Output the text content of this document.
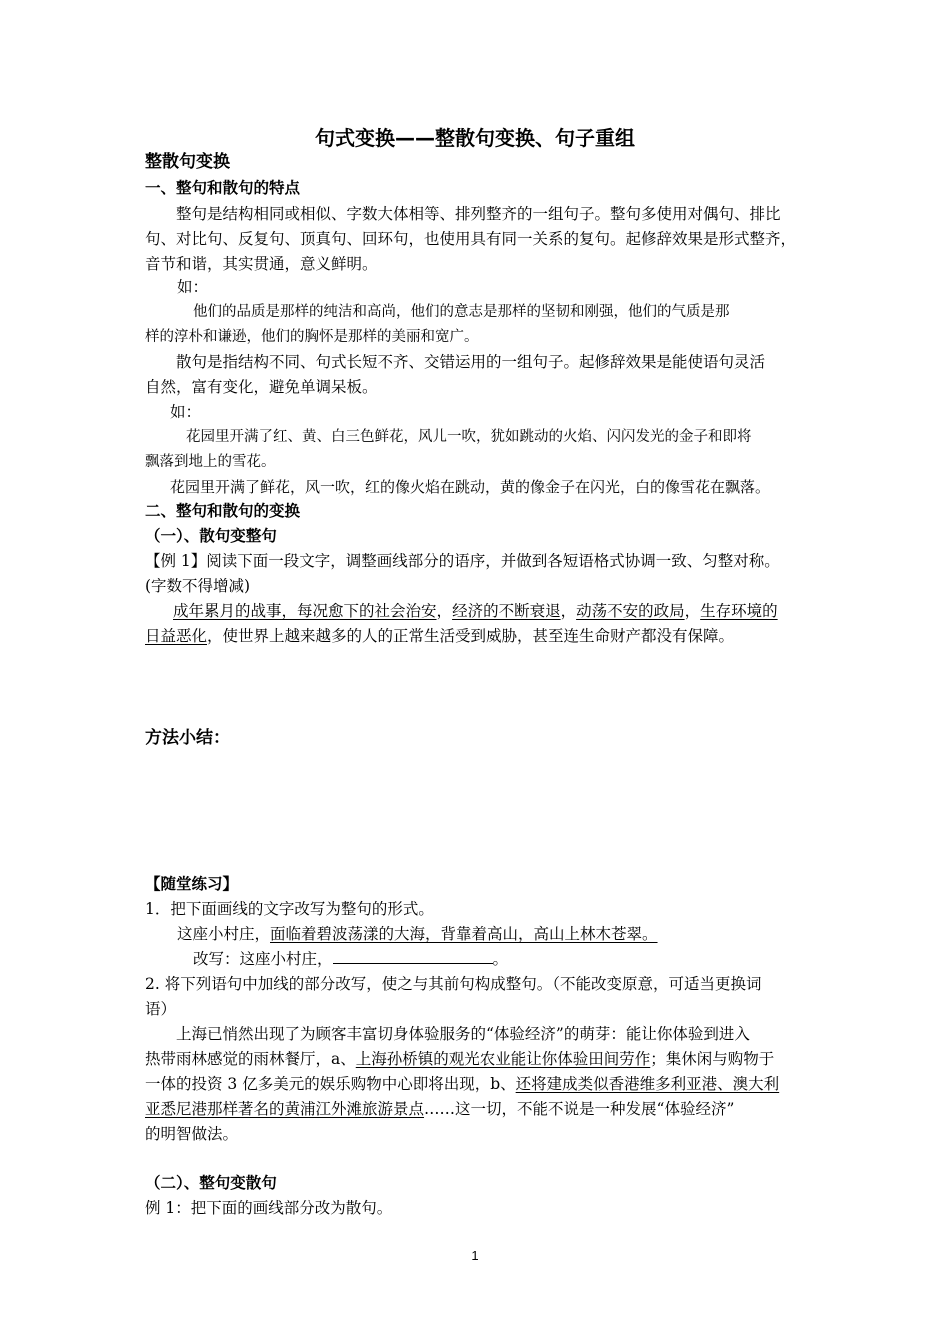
句式变换——整散句变换、句子重组
整散句变换
一、整句和散句的特点
整句是结构相同或相似、字数大体相等、排列整齐的一组句子。整句多使用对偶句、排比
句、对比句、反复句、顶真句、回环句，也使用具有同一关系的复句。起修辞效果是形式整齐，
音节和谐，其实贯通，意义鲜明。
如：
他们的品质是那样的纯洁和高尚，他们的意志是那样的坚韧和刚强，他们的气质是那
样的淳朴和谦逊，他们的胸怀是那样的美丽和宽广。
散句是指结构不同、句式长短不齐、交错运用的一组句子。起修辞效果是能使语句灵活
自然，富有变化，避免单调呆板。
如：
花园里开满了红、黄、白三色鲜花，风儿一吹，犹如跳动的火焰、闪闪发光的金子和即将
飘落到地上的雪花。
花园里开满了鲜花，风一吹，红的像火焰在跳动，黄的像金子在闪光，白的像雪花在飘落。
二、整句和散句的变换
（一）、散句变整句
【例 1】阅读下面一段文字，调整画线部分的语序，并做到各短语格式协调一致、匀整对称。
(字数不得增减)
成年累月的战事，每况愈下的社会治安，经济的不断衰退，动荡不安的政局，生存环境的
日益恶化，使世界上越来越多的人的正常生活受到威胁，甚至连生命财产都没有保障。
方法小结：
【随堂练习】
1．把下面画线的文字改写为整句的形式。
这座小村庄，面临着碧波荡漾的大海，背靠着高山，高山上林木苍翠。
改写：这座小村庄，	。
2. 将下列语句中加线的部分改写，使之与其前句构成整句。（不能改变原意，可适当更换词
语）
上海已悄然出现了为顾客丰富切身体验服务的“体验经济”的萌芽：能让你体验到进入
热带雨林感觉的雨林餐厅，a、上海孙桥镇的观光农业能让你体验田间劳作；集休闲与购物于
一体的投资 3 亿多美元的娱乐购物中心即将出现，b、还将建成类似香港维多利亚港、澳大利
亚悉尼港那样著名的黄浦江外滩旅游景点……这一切，不能不说是一种发展“体验经济”
的明智做法。
（二）、整句变散句
例 1：把下面的画线部分改为散句。
1
